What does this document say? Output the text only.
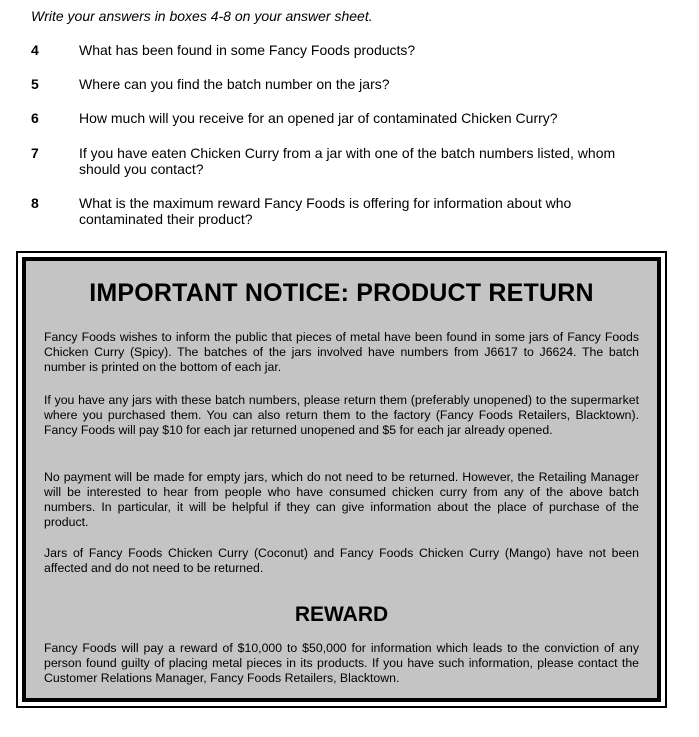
Write your answers in boxes 4-8 on your answer sheet.
4	What has been found in some Fancy Foods products?
5	Where can you find the batch number on the jars?
6	How much will you receive for an opened jar of contaminated Chicken Curry?
7	If you have eaten Chicken Curry from a jar with one of the batch numbers listed, whom should you contact?
8	What is the maximum reward Fancy Foods is offering for information about who contaminated their product?
IMPORTANT NOTICE: PRODUCT RETURN
Fancy Foods wishes to inform the public that pieces of metal have been found in some jars of Fancy Foods Chicken Curry (Spicy). The batches of the jars involved have numbers from J6617 to J6624. The batch number is printed on the bottom of each jar.
If you have any jars with these batch numbers, please return them (preferably unopened) to the supermarket where you purchased them. You can also return them to the factory (Fancy Foods Retailers, Blacktown). Fancy Foods will pay $10 for each jar returned unopened and $5 for each jar already opened.
No payment will be made for empty jars, which do not need to be returned. However, the Retailing Manager will be interested to hear from people who have consumed chicken curry from any of the above batch numbers. In particular, it will be helpful if they can give information about the place of purchase of the product.
Jars of Fancy Foods Chicken Curry (Coconut) and Fancy Foods Chicken Curry (Mango) have not been affected and do not need to be returned.
REWARD
Fancy Foods will pay a reward of $10,000 to $50,000 for information which leads to the conviction of any person found guilty of placing metal pieces in its products. If you have such information, please contact the Customer Relations Manager, Fancy Foods Retailers, Blacktown.
